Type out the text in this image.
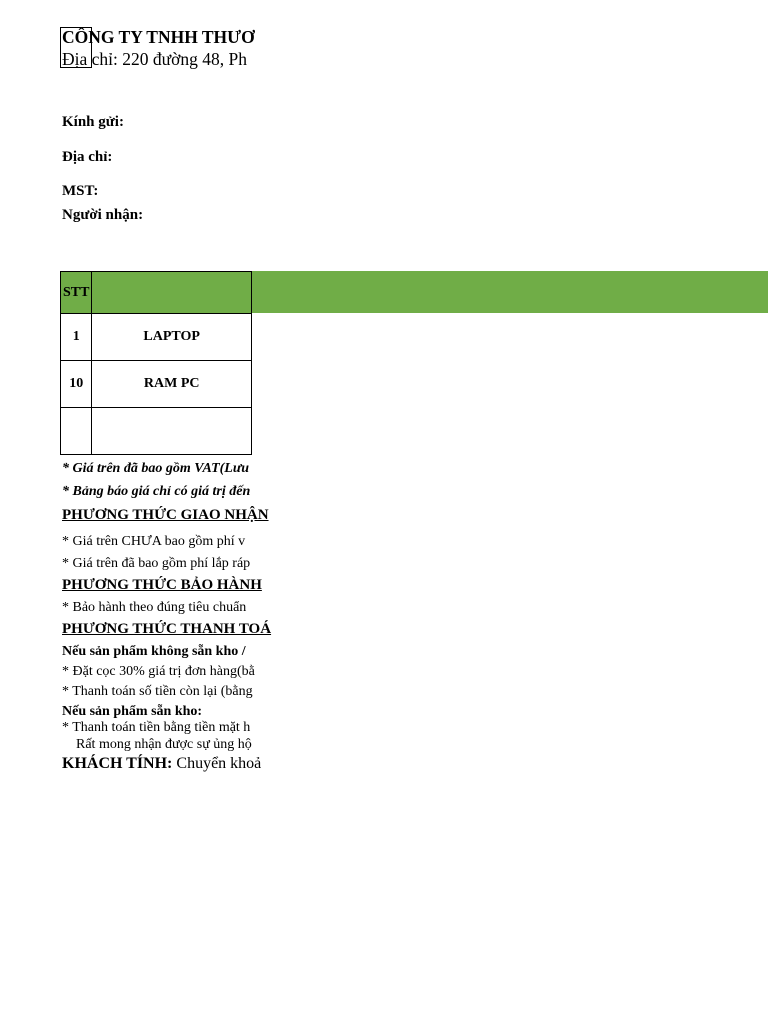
CÔNG TY TNHH THƯƠ
Địa chỉ: 220 đường 48, Ph
Kính gửi:
Địa chỉ:
MST:
Người nhận:
STT	
1	LAPTOP
10	RAM PC

* Giá trên đã bao gồm VAT(Lưu
* Bảng báo giá chỉ có giá trị đến
PHƯƠNG THỨC GIAO NHẬN
* Giá trên CHƯA bao gồm phí v
* Giá trên đã bao gồm phí lắp ráp
PHƯƠNG THỨC BẢO HÀNH
* Bảo hành theo đúng tiêu chuẩn
PHƯƠNG THỨC THANH TOÁ
Nếu sản phẩm không sẵn kho /
* Đặt cọc 30% giá trị đơn hàng(bằ
* Thanh toán số tiền còn lại (bằng
Nếu sản phẩm sẵn kho:
* Thanh toán tiền bằng tiền mặt h
Rất mong nhận được sự ủng hộ
KHÁCH TÍNH: Chuyển khoả
